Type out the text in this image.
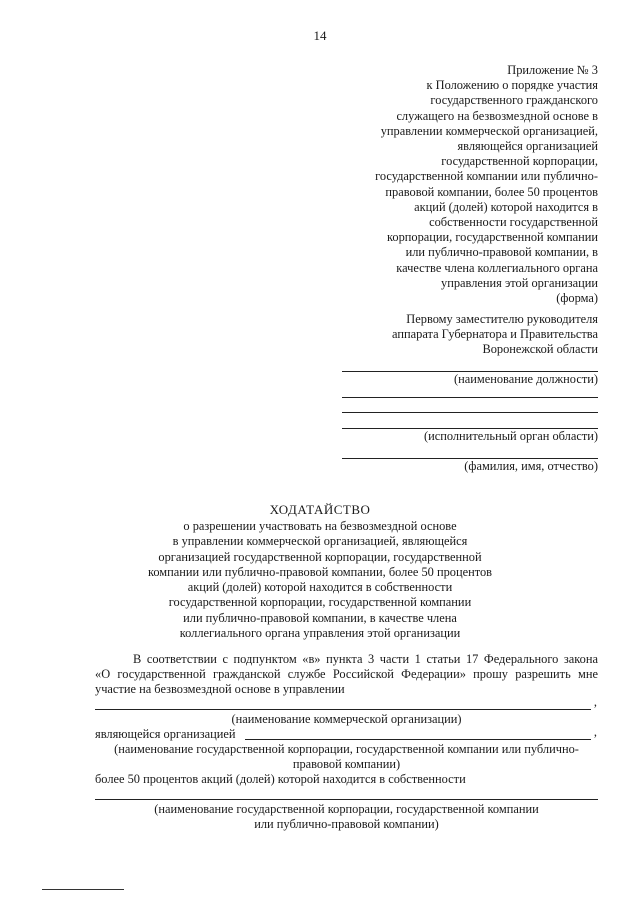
14
Приложение № 3
к Положению о порядке участия
государственного гражданского
служащего на безвозмездной основе в
управлении коммерческой организацией,
являющейся организацией
государственной корпорации,
государственной компании или публично-
правовой компании, более 50 процентов
акций (долей) которой находится в
собственности государственной
корпорации, государственной компании
или публично-правовой компании, в
качестве члена коллегиального органа
управления этой организации
(форма)
Первому заместителю руководителя
аппарата Губернатора и Правительства
Воронежской области
(наименование должности)
(исполнительный орган области)
(фамилия, имя, отчество)
ХОДАТАЙСТВО
о разрешении участвовать на безвозмездной основе
в управлении коммерческой организацией, являющейся
организацией государственной корпорации, государственной
компании или публично-правовой компании, более 50 процентов
акций (долей) которой находится в собственности
государственной корпорации, государственной компании
или публично-правовой компании, в качестве члена
коллегиального органа управления этой организации
В соответствии с подпунктом «в» пункта 3 части 1 статьи 17 Федерального закона
«О государственной гражданской службе Российской Федерации» прошу разрешить мне
участие на безвозмездной основе в управлении
,
(наименование коммерческой организации)
являющейся организацией	,
(наименование государственной корпорации, государственной компании или публично-
правовой компании)
более 50 процентов акций (долей) которой находится в собственности
(наименование государственной корпорации, государственной компании
или публично-правовой компании)
